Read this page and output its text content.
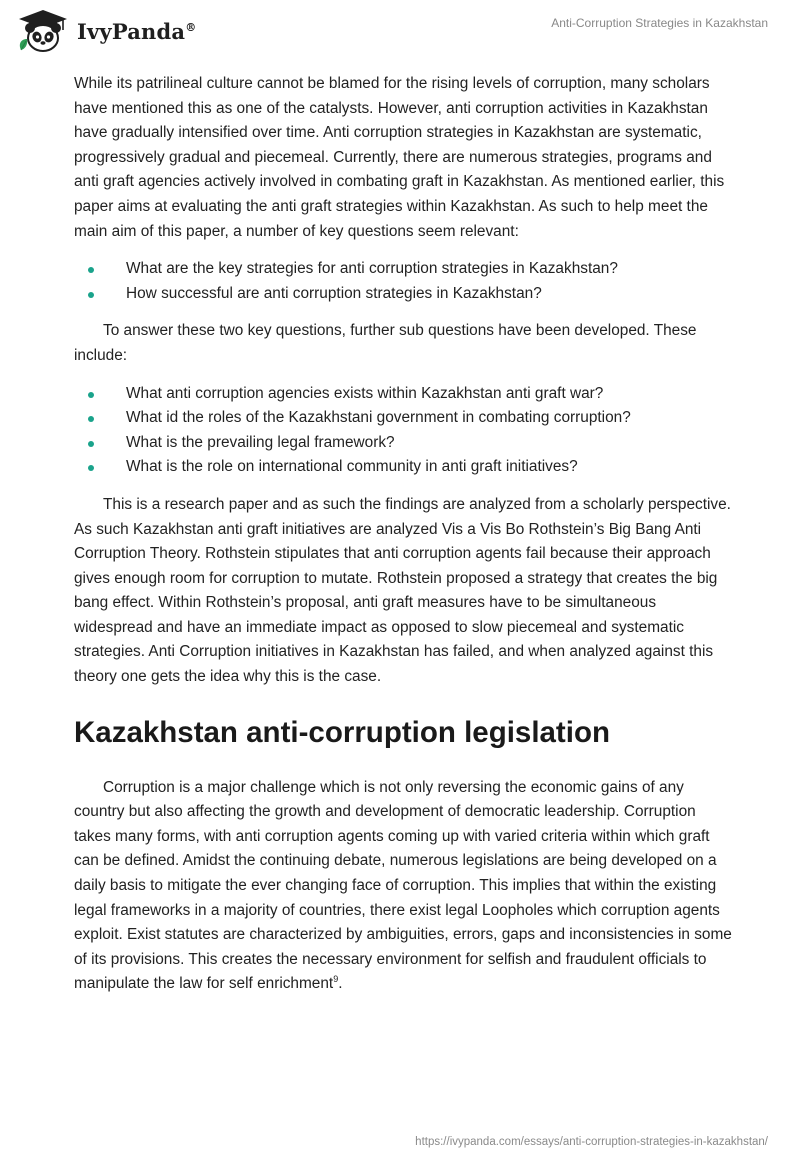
IvyPanda®	Anti-Corruption Strategies in Kazakhstan

While its patrilineal culture cannot be blamed for the rising levels of corruption, many scholars have mentioned this as one of the catalysts. However, anti corruption activities in Kazakhstan have gradually intensified over time. Anti corruption strategies in Kazakhstan are systematic, progressively gradual and piecemeal. Currently, there are numerous strategies, programs and anti graft agencies actively involved in combating graft in Kazakhstan. As mentioned earlier, this paper aims at evaluating the anti graft strategies within Kazakhstan. As such to help meet the main aim of this paper, a number of key questions seem relevant:

What are the key strategies for anti corruption strategies in Kazakhstan?
How successful are anti corruption strategies in Kazakhstan?

To answer these two key questions, further sub questions have been developed. These include:

What anti corruption agencies exists within Kazakhstan anti graft war?
What id the roles of the Kazakhstani government in combating corruption?
What is the prevailing legal framework?
What is the role on international community in anti graft initiatives?

This is a research paper and as such the findings are analyzed from a scholarly perspective. As such Kazakhstan anti graft initiatives are analyzed Vis a Vis Bo Rothstein’s Big Bang Anti Corruption Theory. Rothstein stipulates that anti corruption agents fail because their approach gives enough room for corruption to mutate. Rothstein proposed a strategy that creates the big bang effect. Within Rothstein’s proposal, anti graft measures have to be simultaneous widespread and have an immediate impact as opposed to slow piecemeal and systematic strategies. Anti Corruption initiatives in Kazakhstan has failed, and when analyzed against this theory one gets the idea why this is the case.

Kazakhstan anti-corruption legislation

Corruption is a major challenge which is not only reversing the economic gains of any country but also affecting the growth and development of democratic leadership. Corruption takes many forms, with anti corruption agents coming up with varied criteria within which graft can be defined. Amidst the continuing debate, numerous legislations are being developed on a daily basis to mitigate the ever changing face of corruption. This implies that within the existing legal frameworks in a majority of countries, there exist legal Loopholes which corruption agents exploit. Exist statutes are characterized by ambiguities, errors, gaps and inconsistencies in some of its provisions. This creates the necessary environment for selfish and fraudulent officials to manipulate the law for self enrichment$^9$.

https://ivypanda.com/essays/anti-corruption-strategies-in-kazakhstan/
